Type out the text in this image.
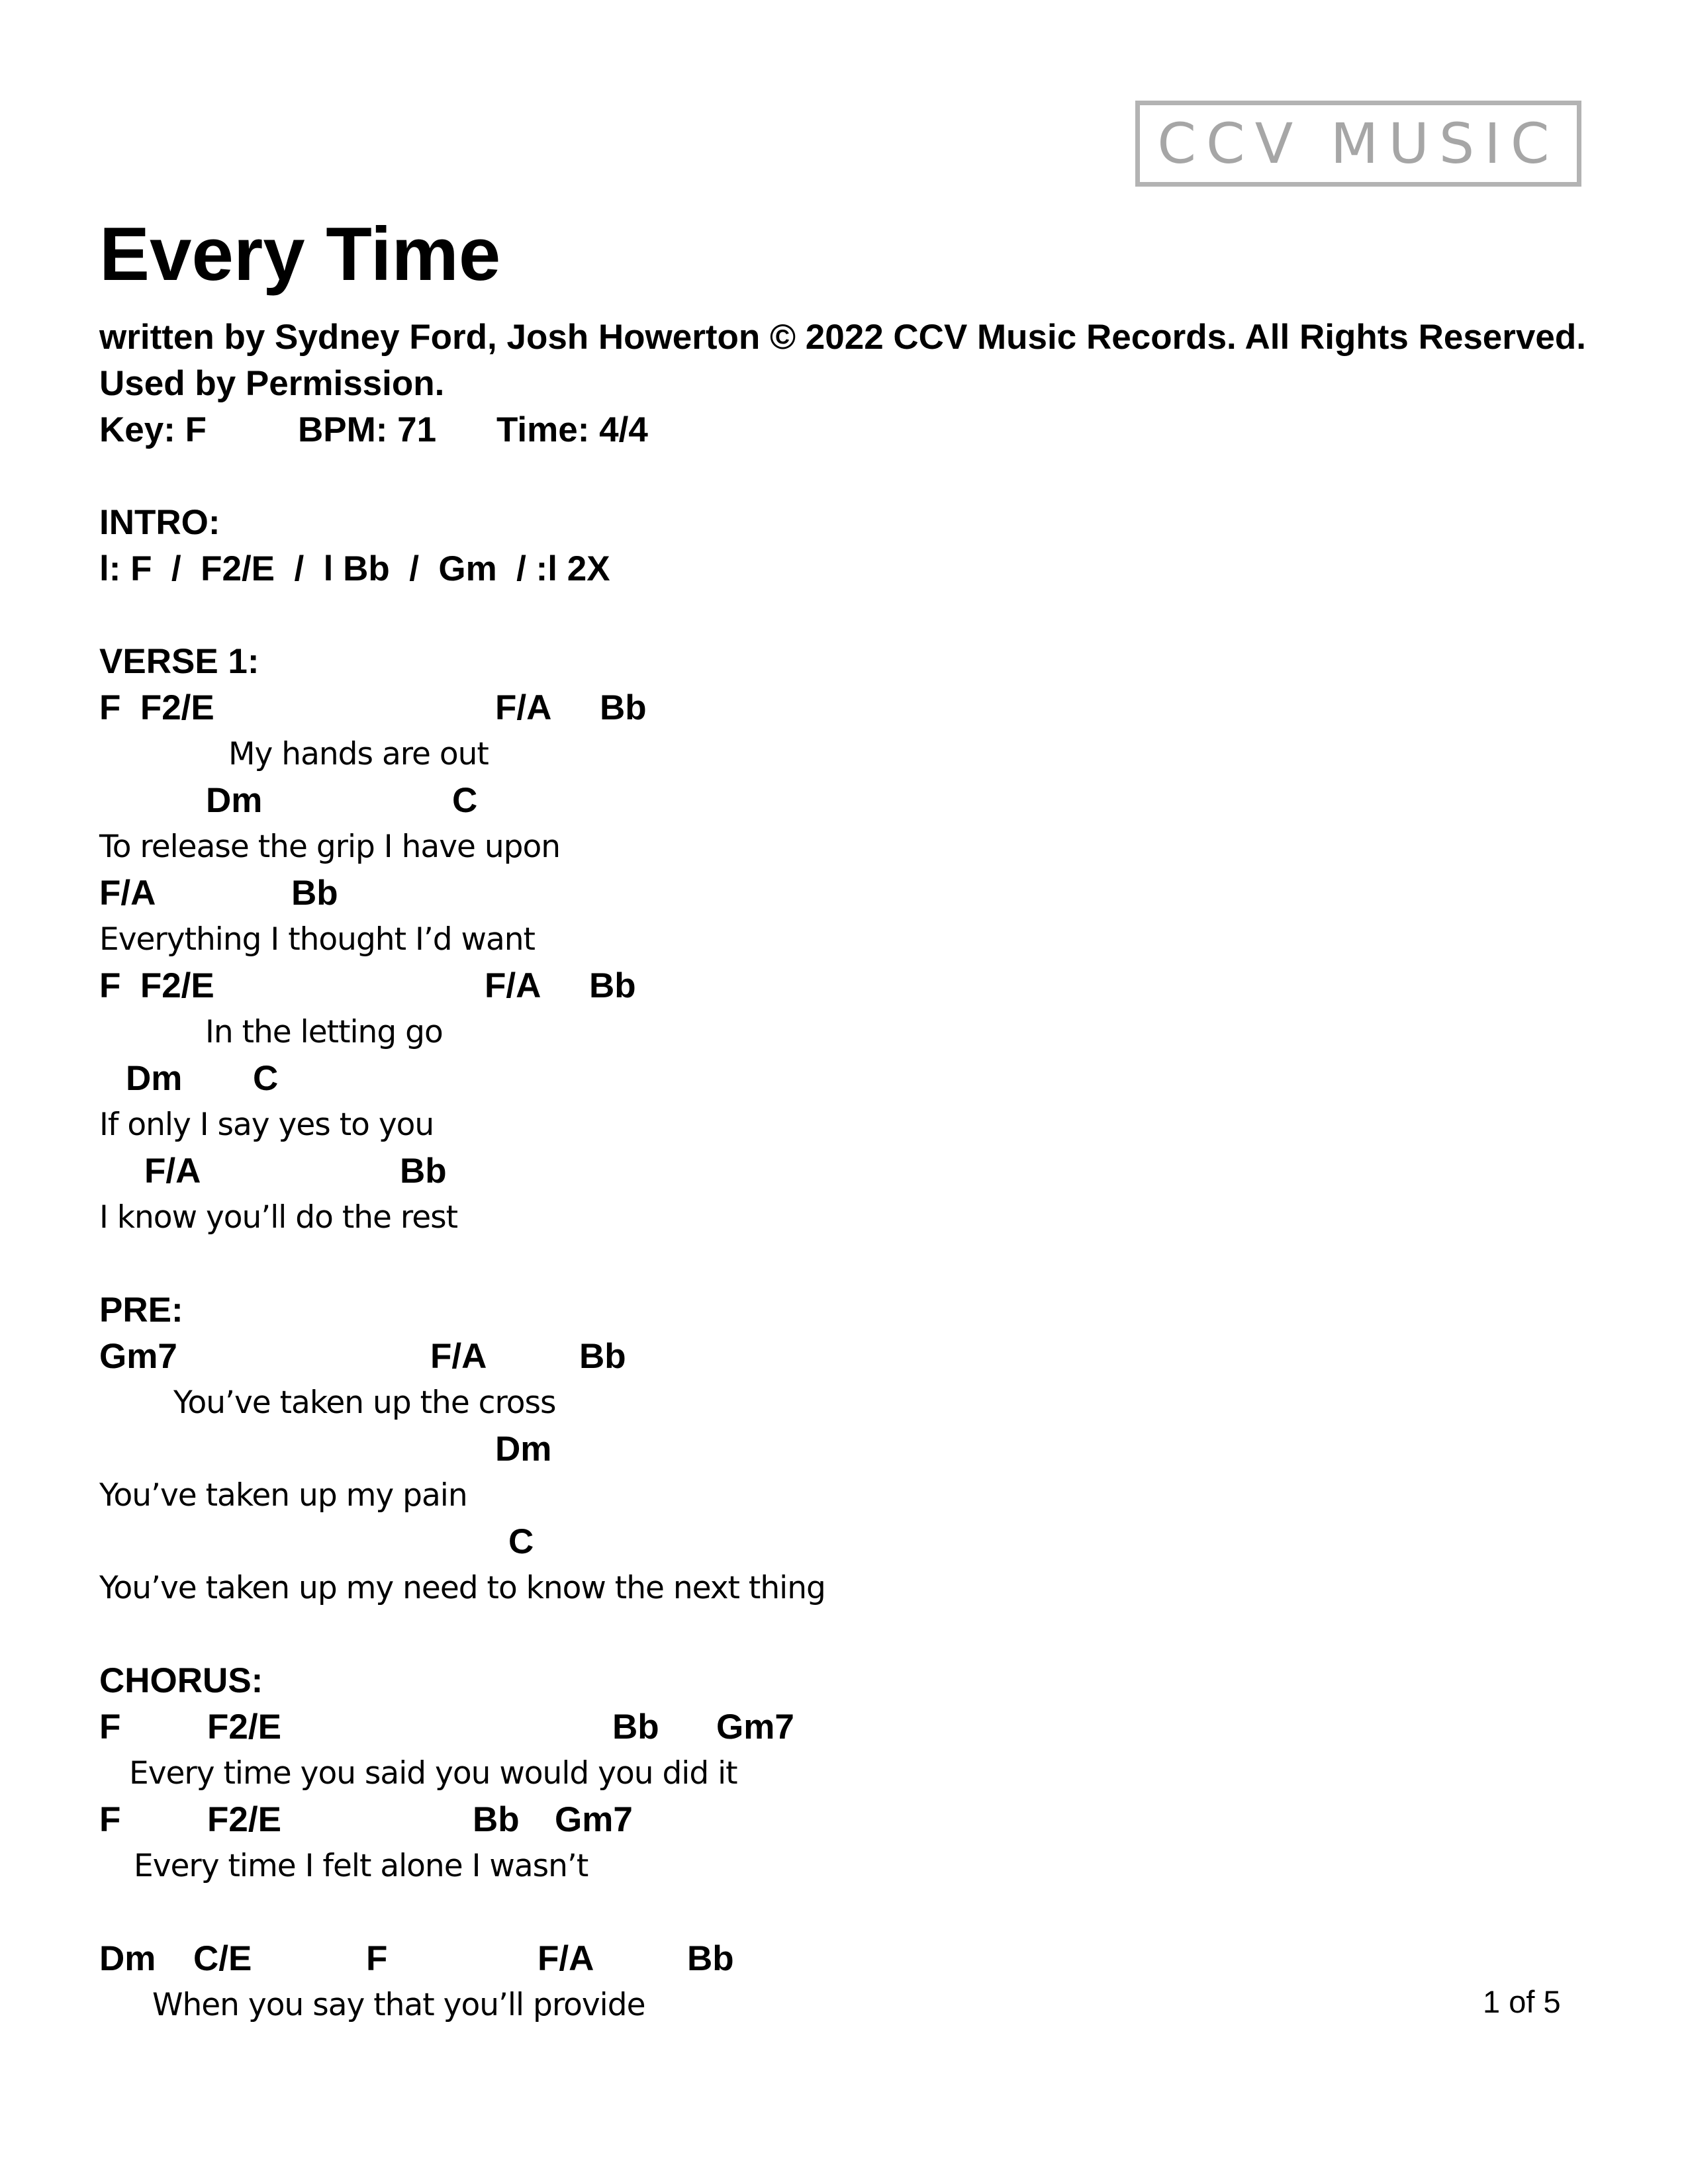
CCV MUSIC
Every Time
written by Sydney Ford, Josh Howerton © 2022 CCV Music Records. All Rights Reserved. Used by Permission.
Key: F	BPM: 71 Time: 4/4
INTRO:
l: F  /  F2/E  /  l Bb  /  Gm  / :l 2X
VERSE 1:
F  F2/E	F/A Bb
My hands are out
Dm	C
To release the grip I have upon
F/A	Bb
Everything I thought I’d want
F  F2/E	F/A Bb
In the letting go
Dm C
If only I say yes to you
F/A	Bb
I know you’ll do the rest
PRE:
Gm7	F/A	Bb
You’ve taken up the cross
Dm
You’ve taken up my pain
C
You’ve taken up my need to know the next thing
CHORUS:
F F2/E	Bb Gm7
Every time you said you would you did it
F F2/E	Bb Gm7
Every time I felt alone I wasn’t
Dm C/E	F	F/A	Bb
When you say that you’ll provide	1 of 5
